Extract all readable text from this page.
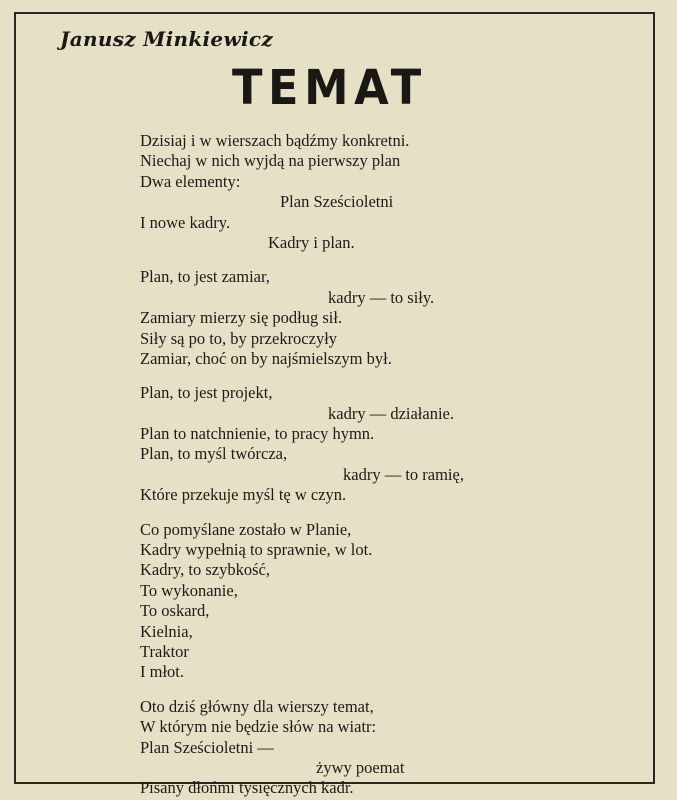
Janusz Minkiewicz
TEMAT
Dzisiaj i w wierszach bądźmy konkretni.
Niechaj w nich wyjdą na pierwszy plan
Dwa elementy:
Plan Sześcioletni
I nowe kadry.
Kadry i plan.
Plan, to jest zamiar,
kadry — to siły.
Zamiary mierzy się podług sił.
Siły są po to, by przekroczyły
Zamiar, choć on by najśmielszym był.
Plan, to jest projekt,
kadry — działanie.
Plan to natchnienie, to pracy hymn.
Plan, to myśl twórcza,
kadry — to ramię,
Które przekuje myśl tę w czyn.
Co pomyślane zostało w Planie,
Kadry wypełnią to sprawnie, w lot.
Kadry, to szybkość,
To wykonanie,
To oskard,
Kielnia,
Traktor
I młot.
Oto dziś główny dla wierszy temat,
W którym nie będzie słów na wiatr:
Plan Sześcioletni —
żywy poemat
Pisany dłońmi tysięcznych kadr.
